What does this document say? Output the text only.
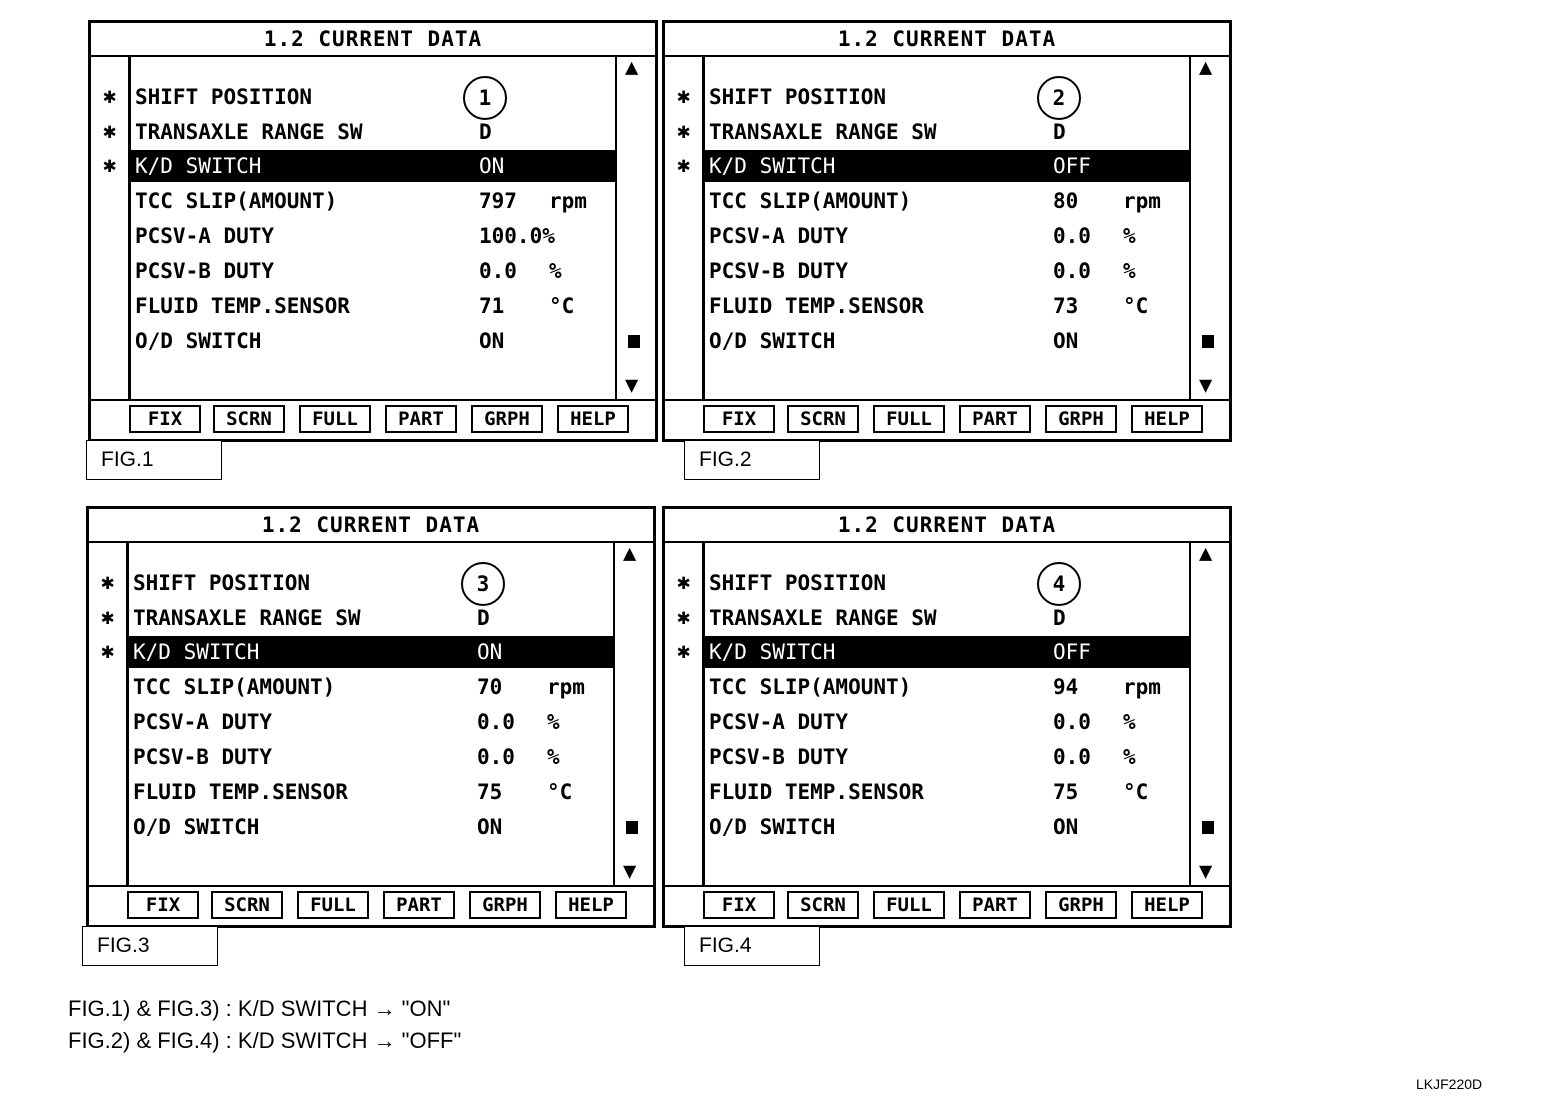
1.2 CURRENT DATA
✱
✱
✱
SHIFT POSITION
TRANSAXLE RANGE SW	D
K/D SWITCH	ON
TCC SLIP(AMOUNT)	797 rpm
PCSV-A DUTY	100.0%
PCSV-B DUTY	0.0 %
FLUID TEMP.SENSOR	71 °C
O/D SWITCH	ON
1
▲
▼
FIX	SCRN	FULL	PART	GRPH	HELP
FIG.1
1.2 CURRENT DATA
✱
✱
✱
SHIFT POSITION
TRANSAXLE RANGE SW	D
K/D SWITCH	OFF
TCC SLIP(AMOUNT)	80 rpm
PCSV-A DUTY	0.0 %
PCSV-B DUTY	0.0 %
FLUID TEMP.SENSOR	73 °C
O/D SWITCH	ON
2
▲
▼
FIX	SCRN	FULL	PART	GRPH	HELP
FIG.2
1.2 CURRENT DATA
✱
✱
✱
SHIFT POSITION
TRANSAXLE RANGE SW	D
K/D SWITCH	ON
TCC SLIP(AMOUNT)	70 rpm
PCSV-A DUTY	0.0 %
PCSV-B DUTY	0.0 %
FLUID TEMP.SENSOR	75 °C
O/D SWITCH	ON
3
▲
▼
FIX	SCRN	FULL	PART	GRPH	HELP
FIG.3
1.2 CURRENT DATA
✱
✱
✱
SHIFT POSITION
TRANSAXLE RANGE SW	D
K/D SWITCH	OFF
TCC SLIP(AMOUNT)	94 rpm
PCSV-A DUTY	0.0 %
PCSV-B DUTY	0.0 %
FLUID TEMP.SENSOR	75 °C
O/D SWITCH	ON
4
▲
▼
FIX	SCRN	FULL	PART	GRPH	HELP
FIG.4
FIG.1) & FIG.3) : K/D SWITCH → "ON"
FIG.2) & FIG.4) : K/D SWITCH → "OFF"
LKJF220D
